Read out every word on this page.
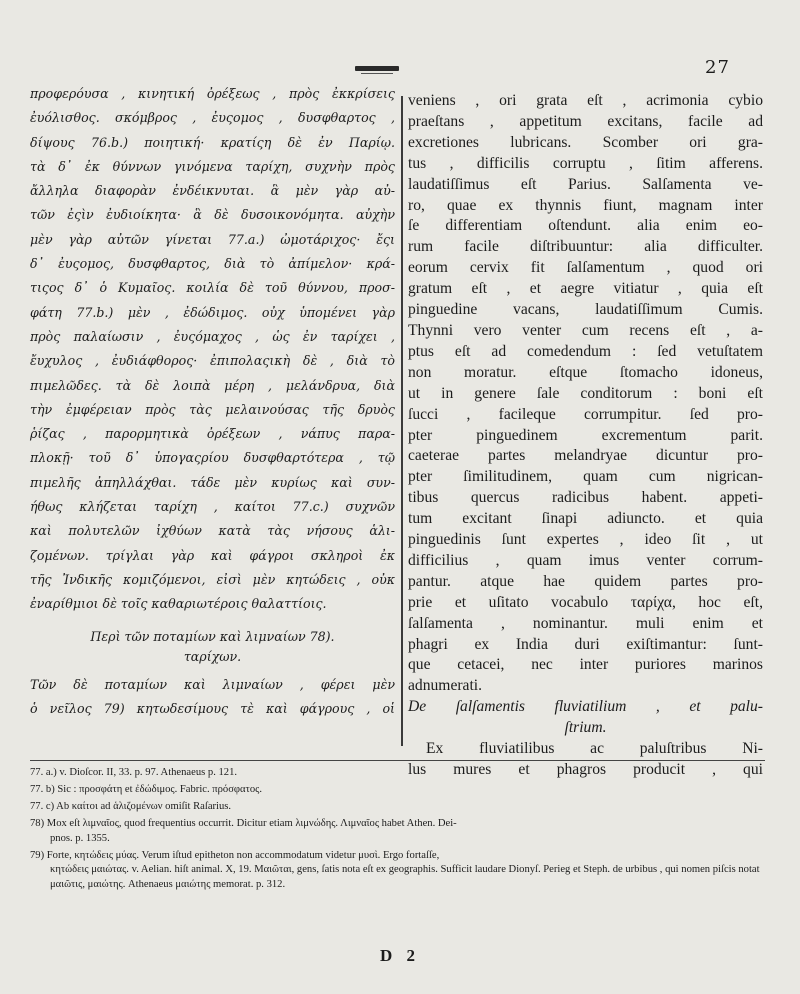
27
προφερόυσα , κινητική ὀρέξεως , πρὸς ἐκκρίσεις
ἐυόλισθος. σκόμβρος , ἐυςομος , δυσφθαρτος ,
δίψους 76.b.) ποιητική· κρατίςη δὲ ἐν Παρίῳ.
τὰ δ᾽ ἐκ θύννων γινόμενα ταρίχη, συχνὴν πρὸς
ἄλληλα διαφορὰν ἐνδέικνυται. ἃ μὲν γὰρ αὐ-
τῶν ἐςὶν ἐυδιοίκητα· ἃ δὲ δυσοικονόμητα. αὐχὴν
μὲν γὰρ αὐτῶν γίνεται 77.a.) ὠμοτάριχος· ἔςι
δ᾽ ἐυςομος, δυσφθαρτος, διὰ τὸ ἀπίμελον· κρά-
τιςος δ᾽ ὁ Κυμαῖος. κοιλία δὲ τοῦ θύννου, προσ-
φάτη 77.b.) μὲν , ἐδώδιμος. οὐχ ὑπομένει γὰρ
πρὸς παλαίωσιν , ἐυςόμαχος , ὡς ἐν ταρίχει ,
ἔυχυλος , ἐυδιάφθορος· ἐπιπολαςικὴ δὲ , διὰ τὸ
πιμελῶδες. τὰ δὲ λοιπὰ μέρη , μελάνδρυα, διὰ
τὴν ἐμφέρειαν πρὸς τὰς μελαινούσας τῆς δρυὸς
ῥίζας , παρορμητικὰ ὀρέξεων , νάπυς παρα-
πλοκῇ· τοῦ δ᾽ ὑπογαςρίου δυσφθαρτότερα , τῷ
πιμελῆς ἀπηλλάχθαι. τάδε μὲν κυρίως καὶ συν-
ήθως κλήζεται ταρίχη , καίτοι 77.c.) συχνῶν
καὶ πολυτελῶν ἰχθύων κατὰ τὰς νήσους ἁλι-
ζομένων. τρίγλαι γὰρ καὶ φάγροι σκληροὶ ἐκ
τῆς Ἰνδικῆς κομιζόμενοι, εἰσὶ μὲν κητώδεις , οὐκ
ἐναρίθμιοι δὲ τοῖς καθαριωτέροις θαλαττίοις.
Περὶ τῶν ποταμίων καὶ λιμναίων 78).
ταρίχων.
Τῶν δὲ ποταμίων καὶ λιμναίων , φέρει μὲν
ὁ νεῖλος 79) κητωδεσίμους τὲ καὶ φάγρους , οἱ
veniens , ori grata eſt , acrimonia cybio
praeſtans , appetitum excitans, facile ad
excretiones lubricans. Scomber ori gra-
tus , difficilis corruptu , ſitim afferens.
laudatiſſimus eſt Parius. Salſamenta ve-
ro, quae ex thynnis fiunt, magnam inter
ſe differentiam oſtendunt. alia enim eo-
rum facile diſtribuuntur: alia difficulter.
eorum cervix fit ſalſamentum , quod ori
gratum eſt , et aegre vitiatur , quia eſt
pinguedine vacans, laudatiſſimum Cumis.
Thynni vero venter cum recens eſt , a-
ptus eſt ad comedendum : ſed vetuſtatem
non moratur. eſtque ſtomacho idoneus,
ut in genere ſale conditorum : boni eſt
ſucci , facileque corrumpitur. ſed pro-
pter pinguedinem excrementum parit.
caeterae partes melandryae dicuntur pro-
pter ſimilitudinem, quam cum nigrican-
tibus quercus radicibus habent. appeti-
tum excitant ſinapi adiuncto. et quia
pinguedinis ſunt expertes , ideo ſit , ut
difficilius , quam imus venter corrum-
pantur. atque hae quidem partes pro-
prie et uſitato vocabulo ταρίχα, hoc eſt,
ſalſamenta , nominantur. muli enim et
phagri ex India duri exiſtimantur: ſunt-
que cetacei, nec inter puriores marinos
adnumerati.
De ſalſamentis fluviatilium , et palu-
ſtrium.
Ex fluviatilibus ac paluſtribus Ni-
lus mures et phagros producit , qui
77. a.) v. Dioſcor. II, 33. p. 97. Athenaeus p. 121.
77. b) Sic : προσφάτη et ἐδώδιμος. Fabric. πρόσφατος.
77. c) Ab καίτοι ad ἁλιζομένων omiſit Raſarius.
78) Mox eſt λιμναῖος, quod frequentius occurrit. Dicitur etiam λιμνώδης. Λιμναῖος habet Athen. Dei-
pnos. p. 1355.
79) Forte, κητώδεις μύας. Verum iſtud epitheton non accommodatum videtur μυσὶ. Ergo fortaſſe,
κητώδεις μαιώτας. v. Aelian. hiſt animal. X, 19. Μαιῶται, gens, ſatis nota eſt ex geographis. Sufficit laudare Dionyſ. Perieg et Steph. de urbibus , qui nomen piſcis notat μαιῶτις, μαιώτης. Athenaeus μαιώτης memorat. p. 312.
D 2
